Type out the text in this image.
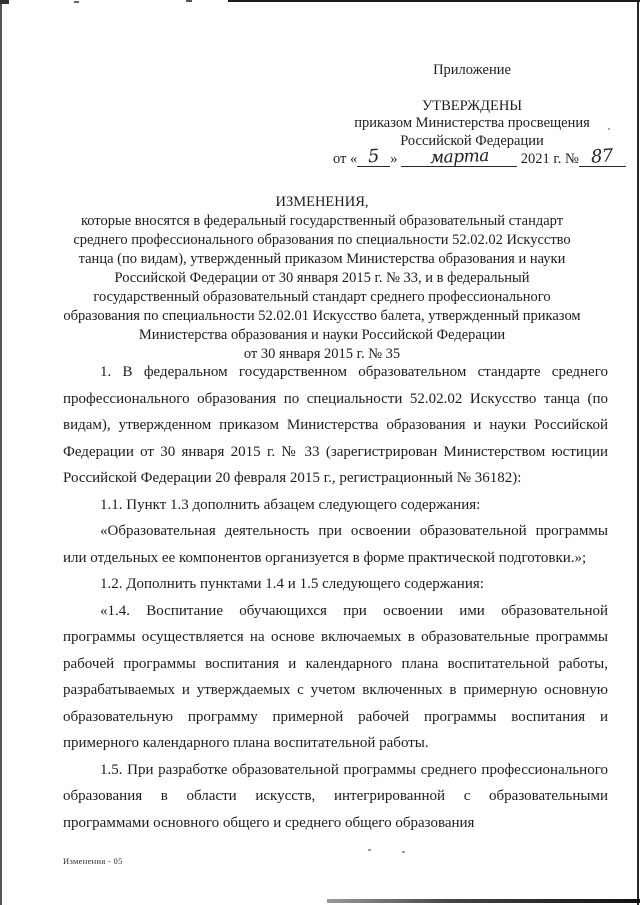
Приложение
УТВЕРЖДЕНЫ
приказом Министерства просвещения
Российской Федерации
от « 5 » марта 2021 г. № 87
ИЗМЕНЕНИЯ,
которые вносятся в федеральный государственный образовательный стандарт
среднего профессионального образования по специальности 52.02.02 Искусство
танца (по видам), утвержденный приказом Министерства образования и науки
Российской Федерации от 30 января 2015 г. № 33, и в федеральный
государственный образовательный стандарт среднего профессионального
образования по специальности 52.02.01 Искусство балета, утвержденный приказом
Министерства образования и науки Российской Федерации
от 30 января 2015 г. № 35

1. В федеральном государственном образовательном стандарте среднего профессионального образования по специальности 52.02.02 Искусство танца (по видам), утвержденном приказом Министерства образования и науки Российской Федерации от 30 января 2015 г. № 33 (зарегистрирован Министерством юстиции Российской Федерации 20 февраля 2015 г., регистрационный № 36182):

1.1. Пункт 1.3 дополнить абзацем следующего содержания:

«Образовательная деятельность при освоении образовательной программы или отдельных ее компонентов организуется в форме практической подготовки.»;

1.2. Дополнить пунктами 1.4 и 1.5 следующего содержания:

«1.4. Воспитание обучающихся при освоении ими образовательной программы осуществляется на основе включаемых в образовательные программы рабочей программы воспитания и календарного плана воспитательной работы, разрабатываемых и утверждаемых с учетом включенных в примерную основную образовательную программу примерной рабочей программы воспитания и примерного календарного плана воспитательной работы.

1.5. При разработке образовательной программы среднего профессионального образования в области искусств, интегрированной с образовательными программами основного общего и среднего общего образования

Изменения - 05
